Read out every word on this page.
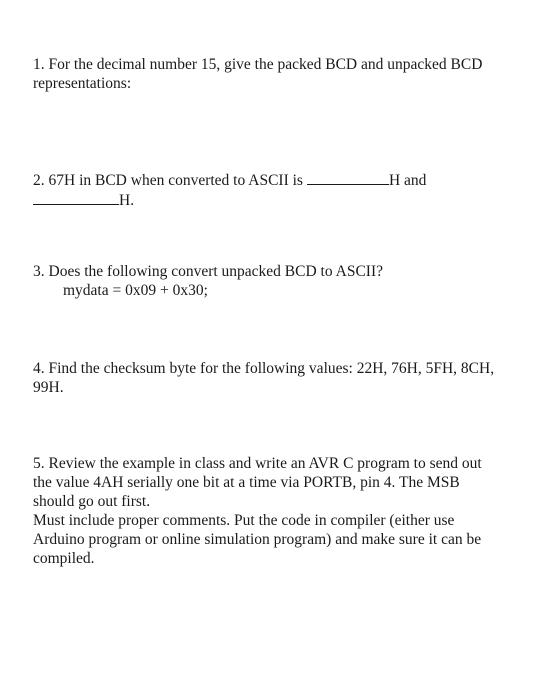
1. For the decimal number 15, give the packed BCD and unpacked BCD
representations:
2. 67H in BCD when converted to ASCII is	H and
H.
3. Does the following convert unpacked BCD to ASCII?
mydata = 0x09 + 0x30;
4. Find the checksum byte for the following values: 22H, 76H, 5FH, 8CH,
99H.
5. Review the example in class and write an AVR C program to send out
the value 4AH serially one bit at a time via PORTB, pin 4. The MSB
should go out first.
Must include proper comments. Put the code in compiler (either use
Arduino program or online simulation program) and make sure it can be
compiled.
